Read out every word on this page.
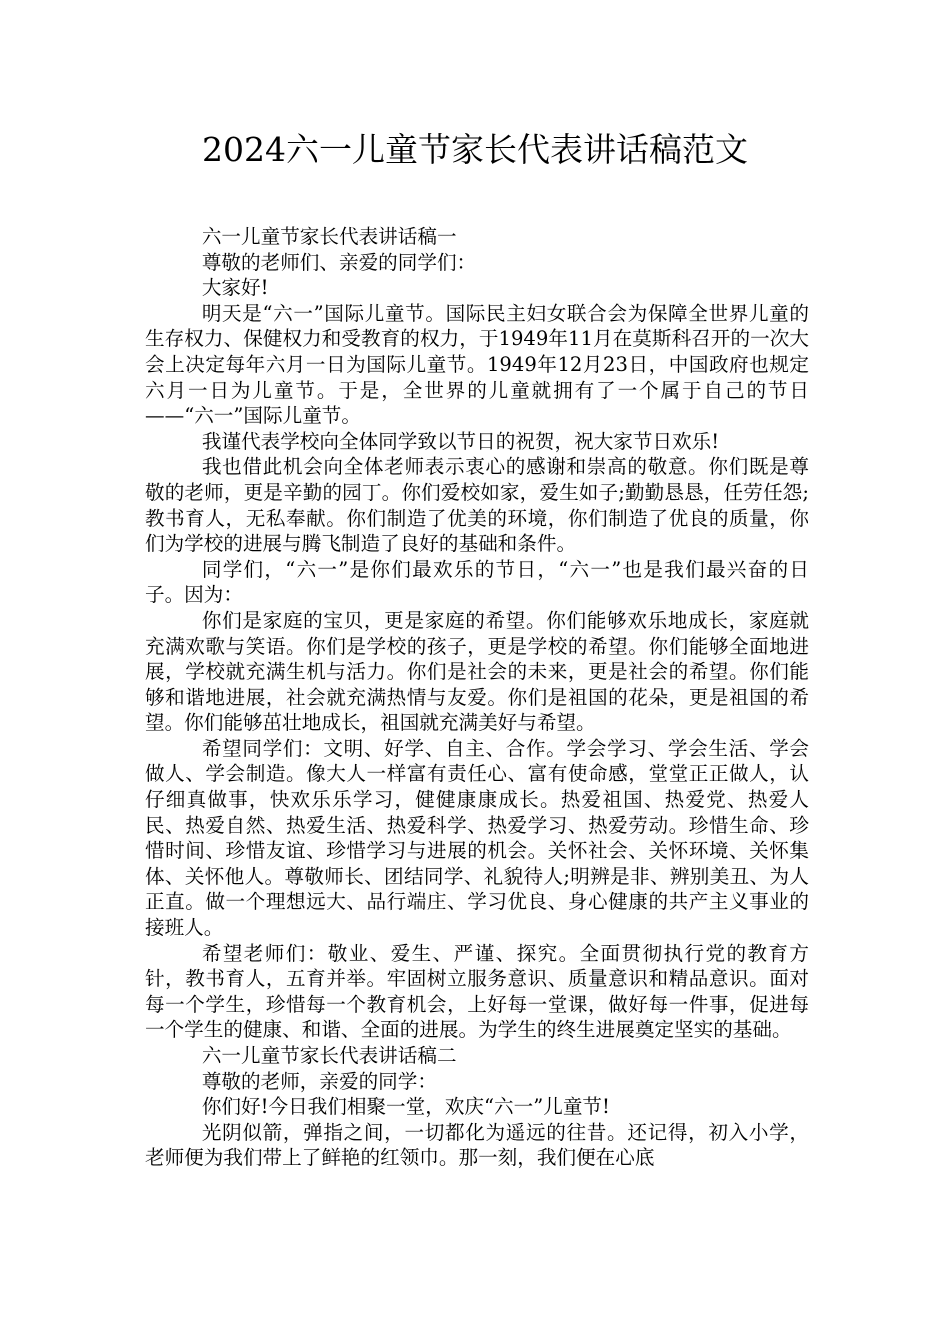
2024六一儿童节家长代表讲话稿范文

六一儿童节家长代表讲话稿一

尊敬的老师们、亲爱的同学们：

大家好!

明天是“六一”国际儿童节。国际民主妇女联合会为保障全世界儿童的生存权力、保健权力和受教育的权力，于1949年11月在莫斯科召开的一次大会上决定每年六月一日为国际儿童节。1949年12月23日，中国政府也规定六月一日为儿童节。于是，全世界的儿童就拥有了一个属于自己的节日——“六一”国际儿童节。

我谨代表学校向全体同学致以节日的祝贺，祝大家节日欢乐!

我也借此机会向全体老师表示衷心的感谢和崇高的敬意。你们既是尊敬的老师，更是辛勤的园丁。你们爱校如家，爱生如子;勤勤恳恳，任劳任怨;教书育人，无私奉献。你们制造了优美的环境，你们制造了优良的质量，你们为学校的进展与腾飞制造了良好的基础和条件。

同学们，“六一”是你们最欢乐的节日，“六一”也是我们最兴奋的日子。因为：

你们是家庭的宝贝，更是家庭的希望。你们能够欢乐地成长，家庭就充满欢歌与笑语。你们是学校的孩子，更是学校的希望。你们能够全面地进展，学校就充满生机与活力。你们是社会的未来，更是社会的希望。你们能够和谐地进展，社会就充满热情与友爱。你们是祖国的花朵，更是祖国的希望。你们能够茁壮地成长，祖国就充满美好与希望。

希望同学们：文明、好学、自主、合作。学会学习、学会生活、学会做人、学会制造。像大人一样富有责任心、富有使命感，堂堂正正做人，认仔细真做事，快欢乐乐学习，健健康康成长。热爱祖国、热爱党、热爱人民、热爱自然、热爱生活、热爱科学、热爱学习、热爱劳动。珍惜生命、珍惜时间、珍惜友谊、珍惜学习与进展的机会。关怀社会、关怀环境、关怀集体、关怀他人。尊敬师长、团结同学、礼貌待人;明辨是非、辨别美丑、为人正直。做一个理想远大、品行端庄、学习优良、身心健康的共产主义事业的接班人。

希望老师们：敬业、爱生、严谨、探究。全面贯彻执行党的教育方针，教书育人，五育并举。牢固树立服务意识、质量意识和精品意识。面对每一个学生，珍惜每一个教育机会，上好每一堂课，做好每一件事，促进每一个学生的健康、和谐、全面的进展。为学生的终生进展奠定坚实的基础。

六一儿童节家长代表讲话稿二

尊敬的老师，亲爱的同学：

你们好!今日我们相聚一堂，欢庆“六一”儿童节!

光阴似箭，弹指之间，一切都化为遥远的往昔。还记得，初入小学，老师便为我们带上了鲜艳的红领巾。那一刻，我们便在心底
